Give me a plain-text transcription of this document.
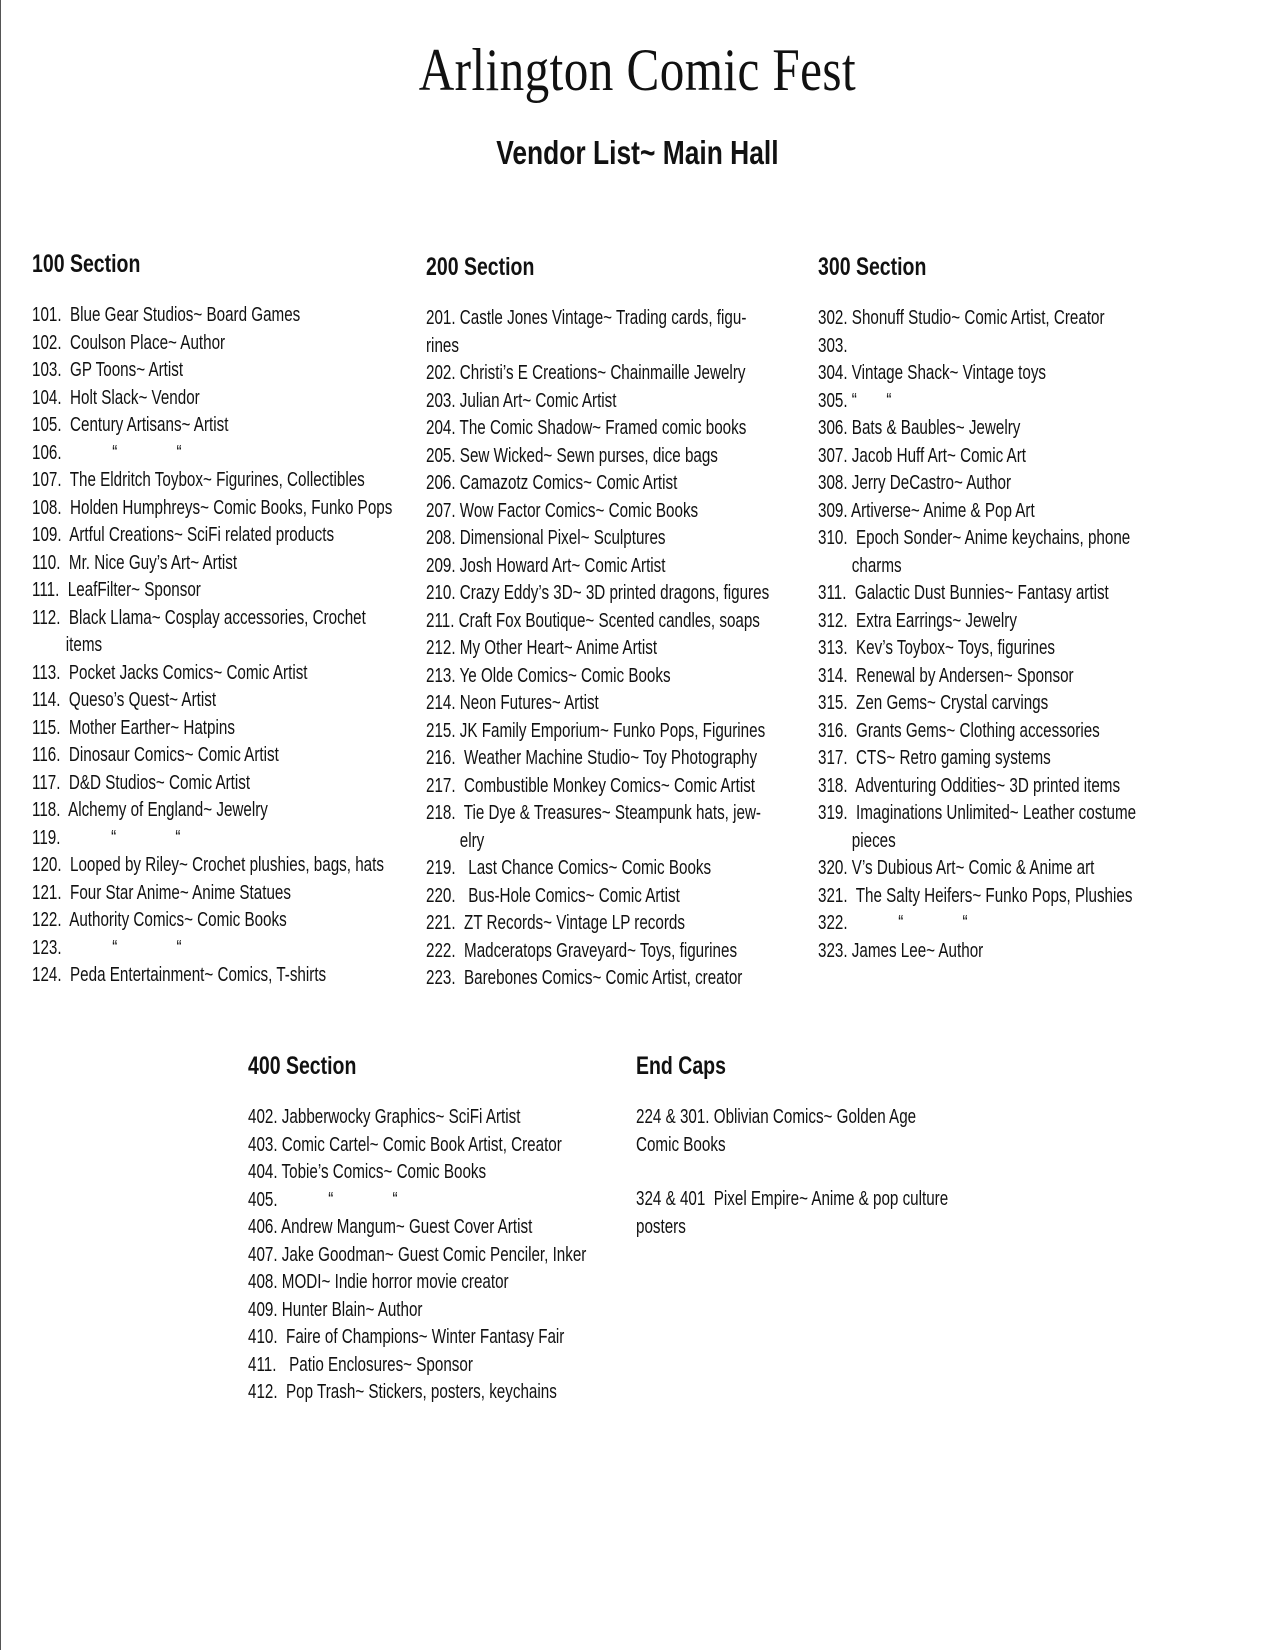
Arlington Comic Fest
Vendor List~ Main Hall
100 Section
101.  Blue Gear Studios~ Board Games
102.  Coulson Place~ Author
103.  GP Toons~ Artist
104.  Holt Slack~ Vendor
105.  Century Artisans~ Artist
106.            “              “
107.  The Eldritch Toybox~ Figurines, Collectibles
108.  Holden Humphreys~ Comic Books, Funko Pops
109.  Artful Creations~ SciFi related products
110.  Mr. Nice Guy’s Art~ Artist
111.  LeafFilter~ Sponsor
112.  Black Llama~ Cosplay accessories, Crochet
items
113.  Pocket Jacks Comics~ Comic Artist
114.  Queso’s Quest~ Artist
115.  Mother Earther~ Hatpins
116.  Dinosaur Comics~ Comic Artist
117.  D&D Studios~ Comic Artist
118.  Alchemy of England~ Jewelry
119.            “              “
120.  Looped by Riley~ Crochet plushies, bags, hats
121.  Four Star Anime~ Anime Statues
122.  Authority Comics~ Comic Books
123.            “              “
124.  Peda Entertainment~ Comics, T-shirts
200 Section
201. Castle Jones Vintage~ Trading cards, figu-
rines
202. Christi’s E Creations~ Chainmaille Jewelry
203. Julian Art~ Comic Artist
204. The Comic Shadow~ Framed comic books
205. Sew Wicked~ Sewn purses, dice bags
206. Camazotz Comics~ Comic Artist
207. Wow Factor Comics~ Comic Books
208. Dimensional Pixel~ Sculptures
209. Josh Howard Art~ Comic Artist
210. Crazy Eddy’s 3D~ 3D printed dragons, figures
211. Craft Fox Boutique~ Scented candles, soaps
212. My Other Heart~ Anime Artist
213. Ye Olde Comics~ Comic Books
214. Neon Futures~ Artist
215. JK Family Emporium~ Funko Pops, Figurines
216.  Weather Machine Studio~ Toy Photography
217.  Combustible Monkey Comics~ Comic Artist
218.  Tie Dye & Treasures~ Steampunk hats, jew-
elry
219.   Last Chance Comics~ Comic Books
220.   Bus-Hole Comics~ Comic Artist
221.  ZT Records~ Vintage LP records
222.  Madceratops Graveyard~ Toys, figurines
223.  Barebones Comics~ Comic Artist, creator
300 Section
302. Shonuff Studio~ Comic Artist, Creator
303.
304. Vintage Shack~ Vintage toys
305. “       “
306. Bats & Baubles~ Jewelry
307. Jacob Huff Art~ Comic Art
308. Jerry DeCastro~ Author
309. Artiverse~ Anime & Pop Art
310.  Epoch Sonder~ Anime keychains, phone
charms
311.  Galactic Dust Bunnies~ Fantasy artist
312.  Extra Earrings~ Jewelry
313.  Kev’s Toybox~ Toys, figurines
314.  Renewal by Andersen~ Sponsor
315.  Zen Gems~ Crystal carvings
316.  Grants Gems~ Clothing accessories
317.  CTS~ Retro gaming systems
318.  Adventuring Oddities~ 3D printed items
319.  Imaginations Unlimited~ Leather costume
pieces
320. V’s Dubious Art~ Comic & Anime art
321.  The Salty Heifers~ Funko Pops, Plushies
322.            “              “
323. James Lee~ Author
400 Section
402. Jabberwocky Graphics~ SciFi Artist
403. Comic Cartel~ Comic Book Artist, Creator
404. Tobie’s Comics~ Comic Books
405.            “              “
406. Andrew Mangum~ Guest Cover Artist
407. Jake Goodman~ Guest Comic Penciler, Inker
408. MODI~ Indie horror movie creator
409. Hunter Blain~ Author
410.  Faire of Champions~ Winter Fantasy Fair
411.   Patio Enclosures~ Sponsor
412.  Pop Trash~ Stickers, posters, keychains
End Caps
224 & 301. Oblivian Comics~ Golden Age
Comic Books
324 & 401  Pixel Empire~ Anime & pop culture
posters
